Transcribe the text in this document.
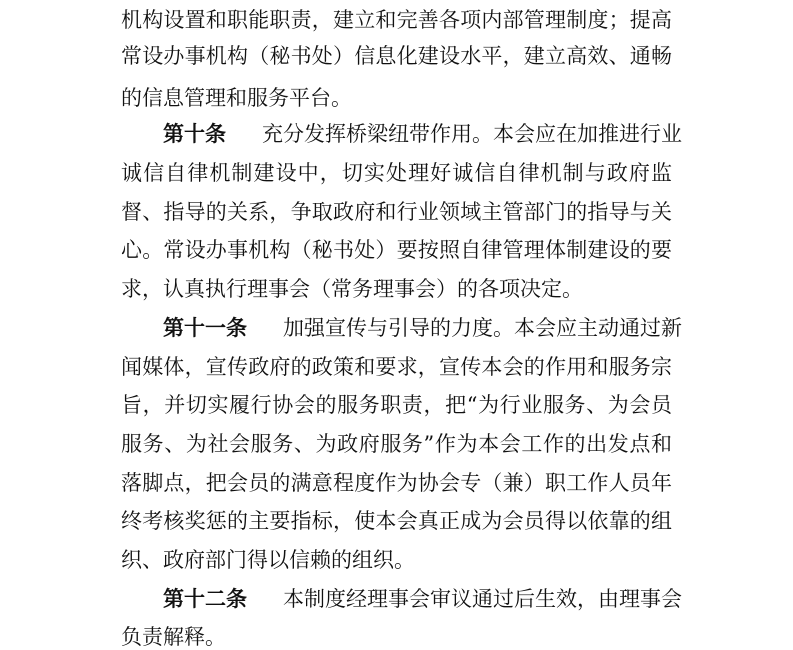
机构设置和职能职责，建立和完善各项内部管理制度；提高
常设办事机构（秘书处）信息化建设水平，建立高效、通畅
的信息管理和服务平台。
第十条 充分发挥桥梁纽带作用。本会应在加推进行业
诚信自律机制建设中，切实处理好诚信自律机制与政府监
督、指导的关系，争取政府和行业领域主管部门的指导与关
心。常设办事机构（秘书处）要按照自律管理体制建设的要
求，认真执行理事会（常务理事会）的各项决定。
第十一条 加强宣传与引导的力度。本会应主动通过新
闻媒体，宣传政府的政策和要求，宣传本会的作用和服务宗
旨，并切实履行协会的服务职责，把“为行业服务、为会员
服务、为社会服务、为政府服务”作为本会工作的出发点和
落脚点，把会员的满意程度作为协会专（兼）职工作人员年
终考核奖惩的主要指标，使本会真正成为会员得以依靠的组
织、政府部门得以信赖的组织。
第十二条 本制度经理事会审议通过后生效，由理事会
负责解释。
